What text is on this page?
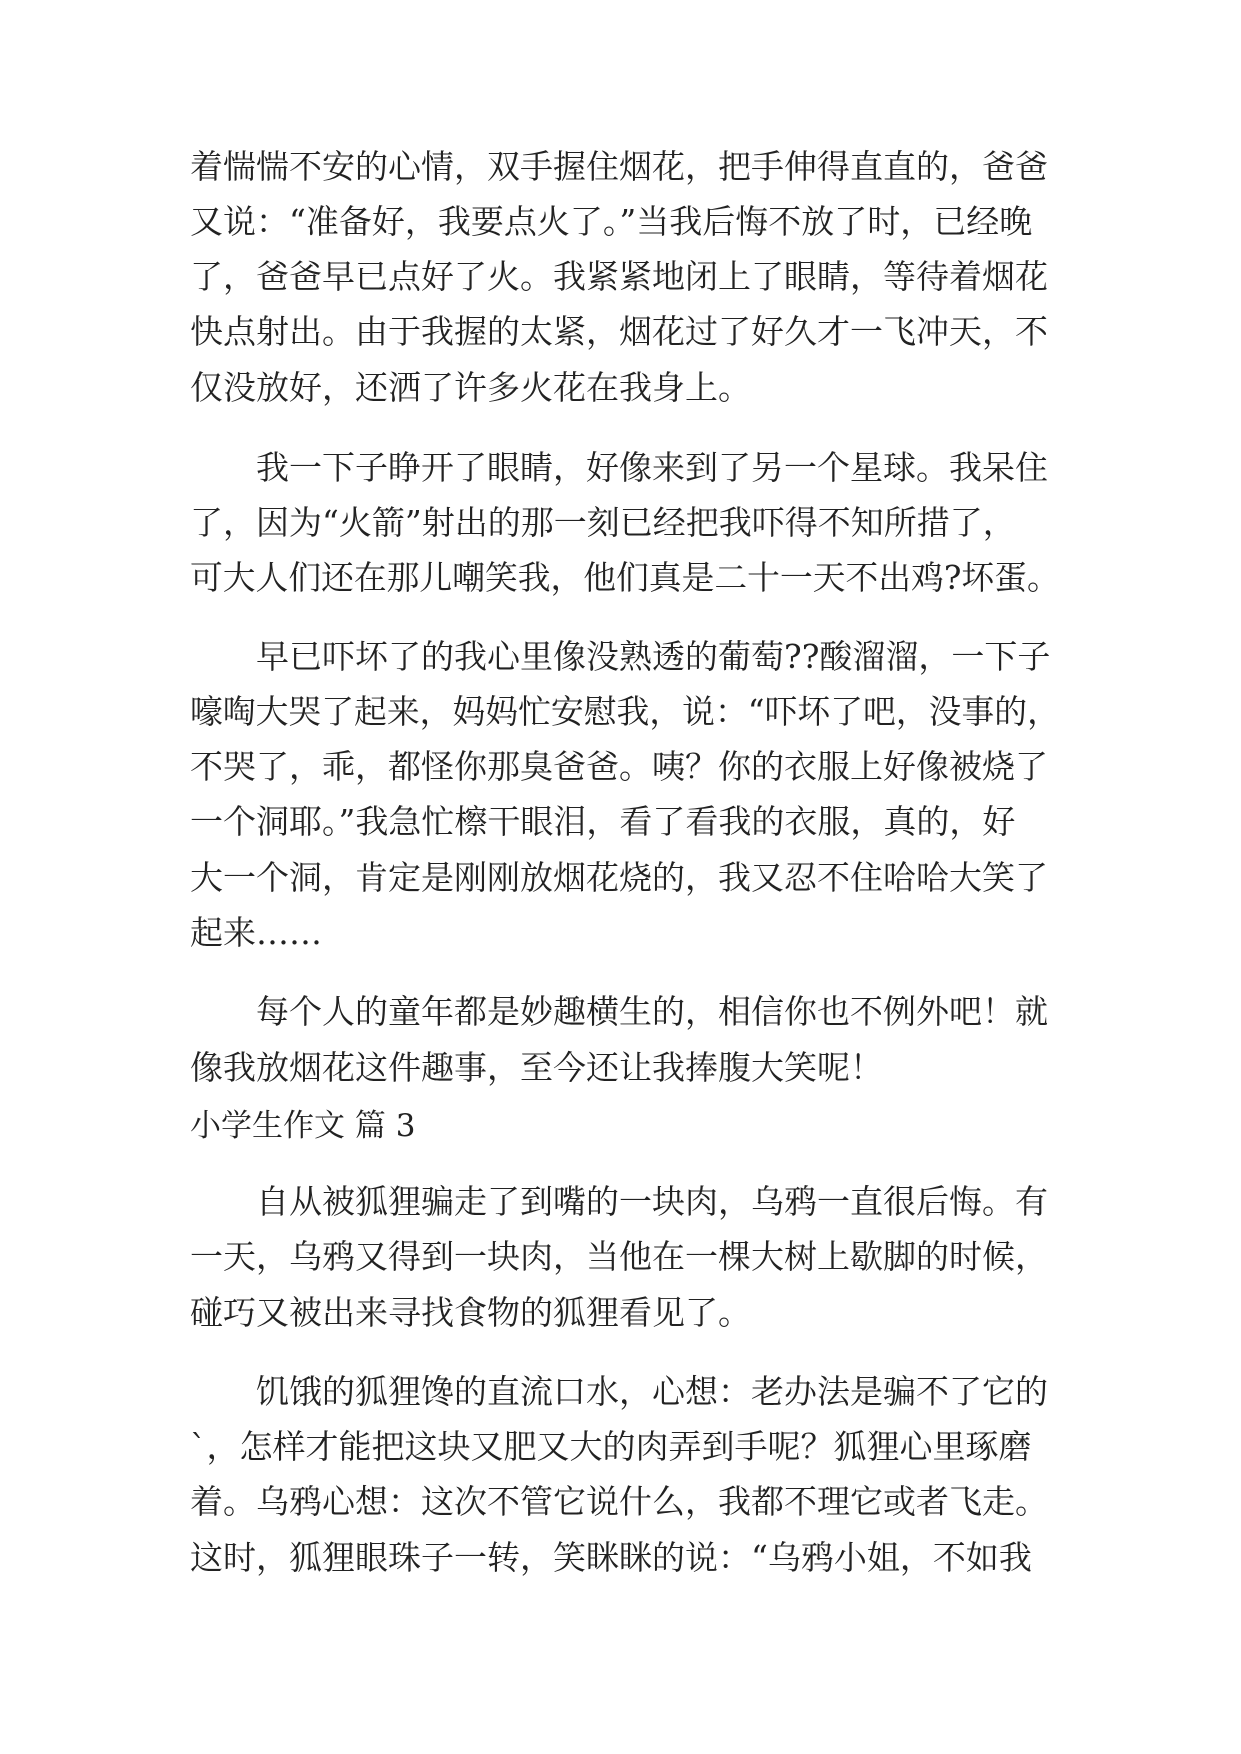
着惴惴不安的心情，双手握住烟花，把手伸得直直的，爸爸

又说：“准备好，我要点火了。”当我后悔不放了时，已经晚

了，爸爸早已点好了火。我紧紧地闭上了眼睛，等待着烟花

快点射出。由于我握的太紧，烟花过了好久才一飞冲天，不

仅没放好，还洒了许多火花在我身上。

我一下子睁开了眼睛，好像来到了另一个星球。我呆住

了，因为“火箭”射出的那一刻已经把我吓得不知所措了，

可大人们还在那儿嘲笑我，他们真是二十一天不出鸡?坏蛋。

早已吓坏了的我心里像没熟透的葡萄??酸溜溜，一下子

嚎啕大哭了起来，妈妈忙安慰我，说：“吓坏了吧，没事的，

不哭了，乖，都怪你那臭爸爸。咦？你的衣服上好像被烧了

一个洞耶。”我急忙檫干眼泪，看了看我的衣服，真的，好

大一个洞，肯定是刚刚放烟花烧的，我又忍不住哈哈大笑了

起来……

每个人的童年都是妙趣横生的，相信你也不例外吧！就

像我放烟花这件趣事，至今还让我捧腹大笑呢！

小学生作文 篇 3

自从被狐狸骗走了到嘴的一块肉，乌鸦一直很后悔。有

一天，乌鸦又得到一块肉，当他在一棵大树上歇脚的时候，

碰巧又被出来寻找食物的狐狸看见了。

饥饿的狐狸馋的直流口水，心想：老办法是骗不了它的

`，怎样才能把这块又肥又大的肉弄到手呢？狐狸心里琢磨

着。乌鸦心想：这次不管它说什么，我都不理它或者飞走。

这时，狐狸眼珠子一转，笑眯眯的说：“乌鸦小姐，不如我
